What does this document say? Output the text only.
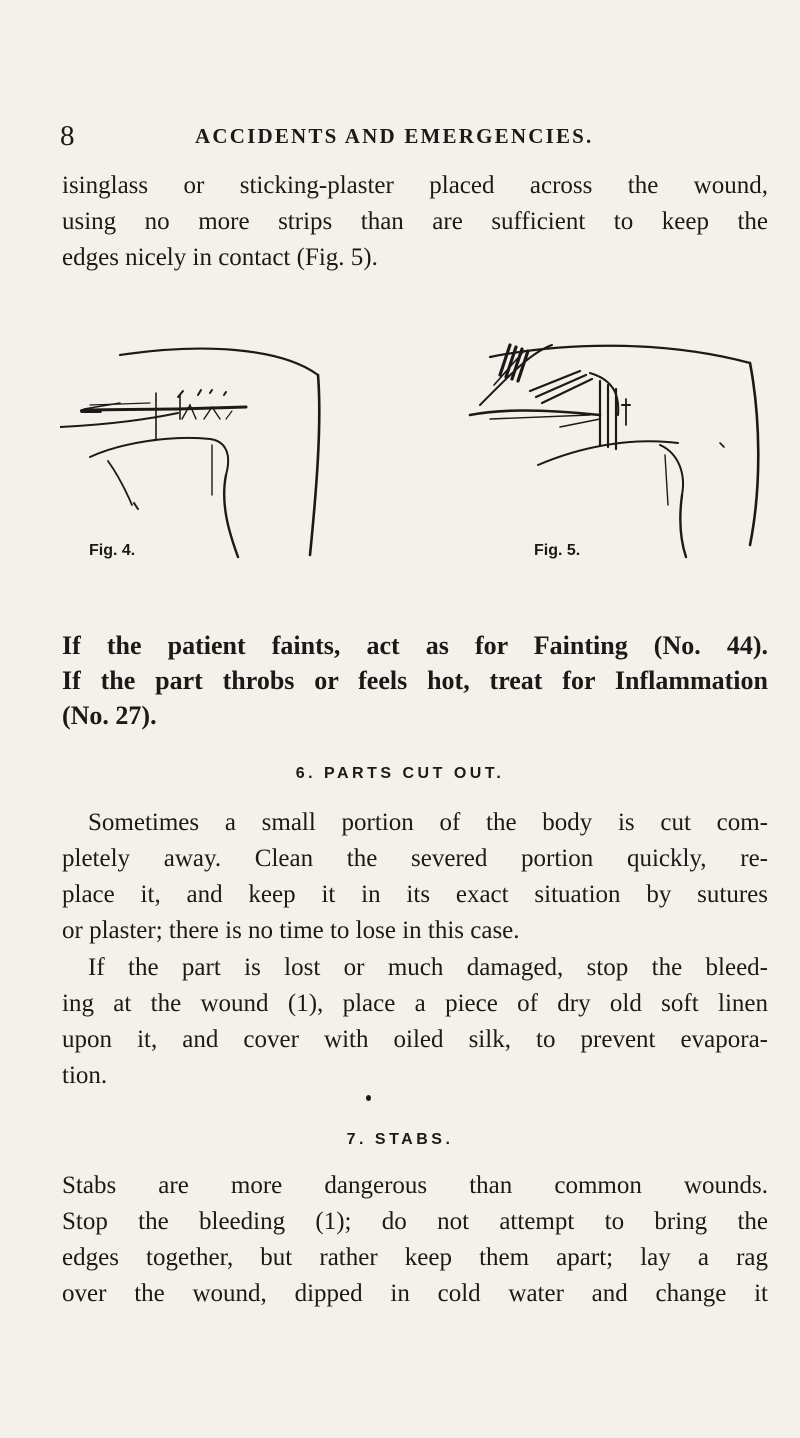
8	ACCIDENTS AND EMERGENCIES.
isinglass or sticking-plaster placed across the wound,
using no more strips than are sufficient to keep the
edges nicely in contact (Fig. 5).
Fig. 4.	Fig. 5.
If the patient faints, act as for Fainting (No. 44).
If the part throbs or feels hot, treat for Inflammation
(No. 27).
6. PARTS CUT OUT.
Sometimes a small portion of the body is cut com-
pletely away. Clean the severed portion quickly, re-
place it, and keep it in its exact situation by sutures
or plaster; there is no time to lose in this case.
If the part is lost or much damaged, stop the bleed-
ing at the wound (1), place a piece of dry old soft linen
upon it, and cover with oiled silk, to prevent evapora-
tion.
7. STABS.
Stabs are more dangerous than common wounds.
Stop the bleeding (1); do not attempt to bring the
edges together, but rather keep them apart; lay a rag
over the wound, dipped in cold water and change it
